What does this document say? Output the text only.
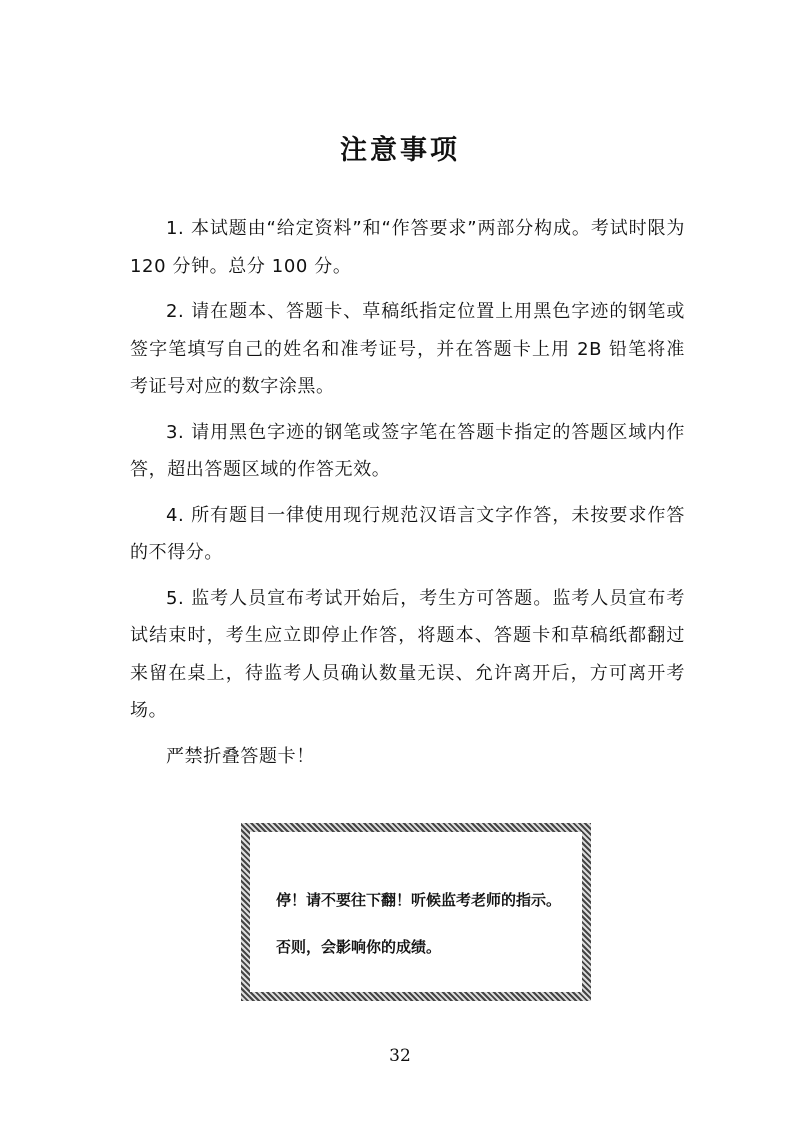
注意事项

1. 本试题由“给定资料”和“作答要求”两部分构成。考试时限为 120 分钟。总分 100 分。

2. 请在题本、答题卡、草稿纸指定位置上用黑色字迹的钢笔或签字笔填写自己的姓名和准考证号，并在答题卡上用 2B 铅笔将准考证号对应的数字涂黑。

3. 请用黑色字迹的钢笔或签字笔在答题卡指定的答题区域内作答，超出答题区域的作答无效。

4. 所有题目一律使用现行规范汉语言文字作答，未按要求作答的不得分。

5. 监考人员宣布考试开始后，考生方可答题。监考人员宣布考试结束时，考生应立即停止作答，将题本、答题卡和草稿纸都翻过来留在桌上，待监考人员确认数量无误、允许离开后，方可离开考场。

严禁折叠答题卡！

停！请不要往下翻！听候监考老师的指示。
否则，会影响你的成绩。
32
